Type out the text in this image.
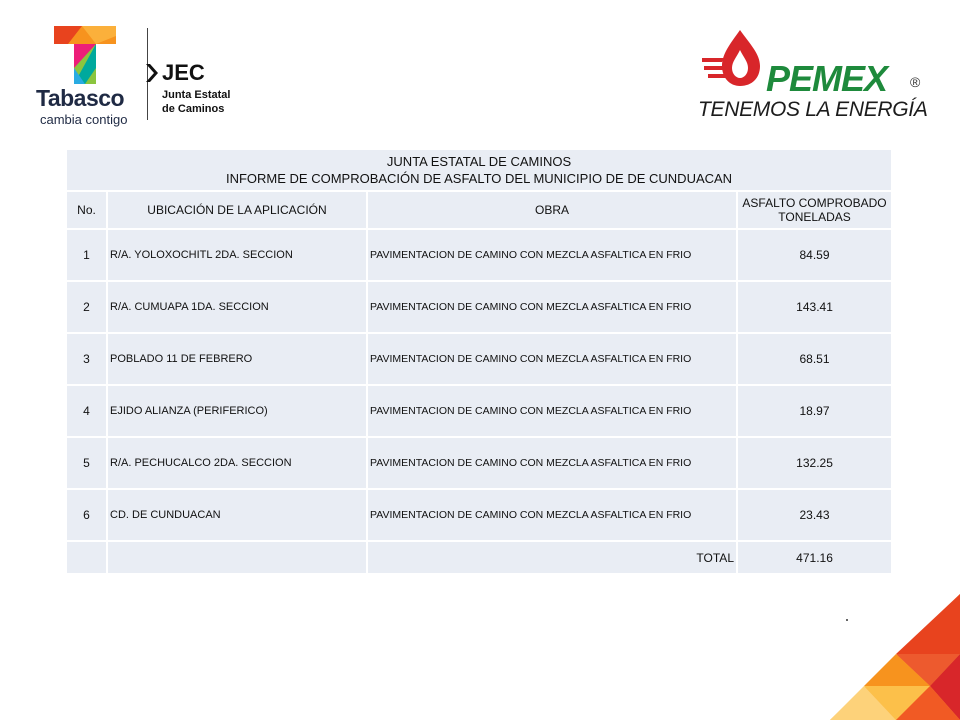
Tabasco
cambia contigo
JEC
Junta Estatal
de Caminos
PEMEX ®
TENEMOS LA ENERGÍA
JUNTA ESTATAL DE CAMINOS
INFORME DE COMPROBACIÓN DE ASFALTO DEL MUNICIPIO DE DE CUNDUACAN			

No.	UBICACIÓN DE LA APLICACIÓN	OBRA	ASFALTO COMPROBADO
TONELADAS

1	R/A. YOLOXOCHITL 2DA. SECCION	PAVIMENTACION DE CAMINO CON MEZCLA ASFALTICA EN FRIO	84.59
2	R/A. CUMUAPA 1DA. SECCION	PAVIMENTACION DE CAMINO CON MEZCLA ASFALTICA EN FRIO	143.41
3	POBLADO 11 DE FEBRERO	PAVIMENTACION DE CAMINO CON MEZCLA ASFALTICA EN FRIO	68.51
4	EJIDO ALIANZA (PERIFERICO)	PAVIMENTACION DE CAMINO CON MEZCLA ASFALTICA EN FRIO	18.97
5	R/A. PECHUCALCO 2DA. SECCION	PAVIMENTACION DE CAMINO CON MEZCLA ASFALTICA EN FRIO	132.25
6	CD. DE CUNDUACAN	PAVIMENTACION DE CAMINO CON MEZCLA ASFALTICA EN FRIO	23.43
		TOTAL	471.16
